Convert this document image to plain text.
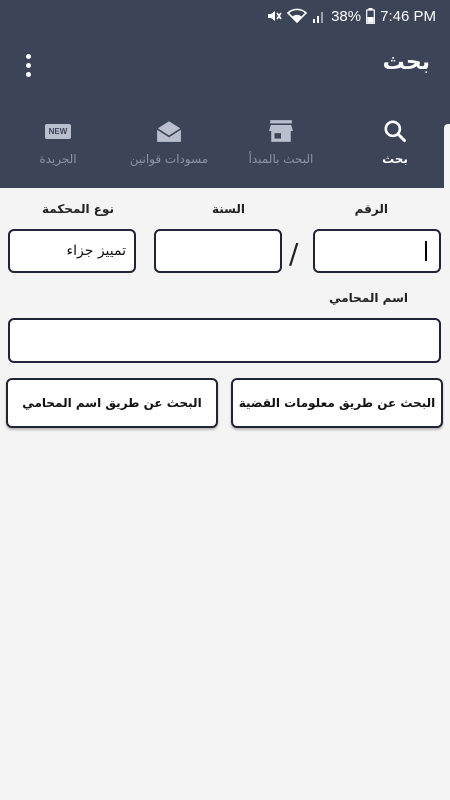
38% 7:46 PM
بحث
بحث
البحث بالمبدأ
مسودات قوانين
NEW
الجريدة
الرقم
السنة
نوع المحكمة
/
تمييز جزاء
اسم المحامي
البحث عن طريق معلومات القضية
البحث عن طريق اسم المحامي
